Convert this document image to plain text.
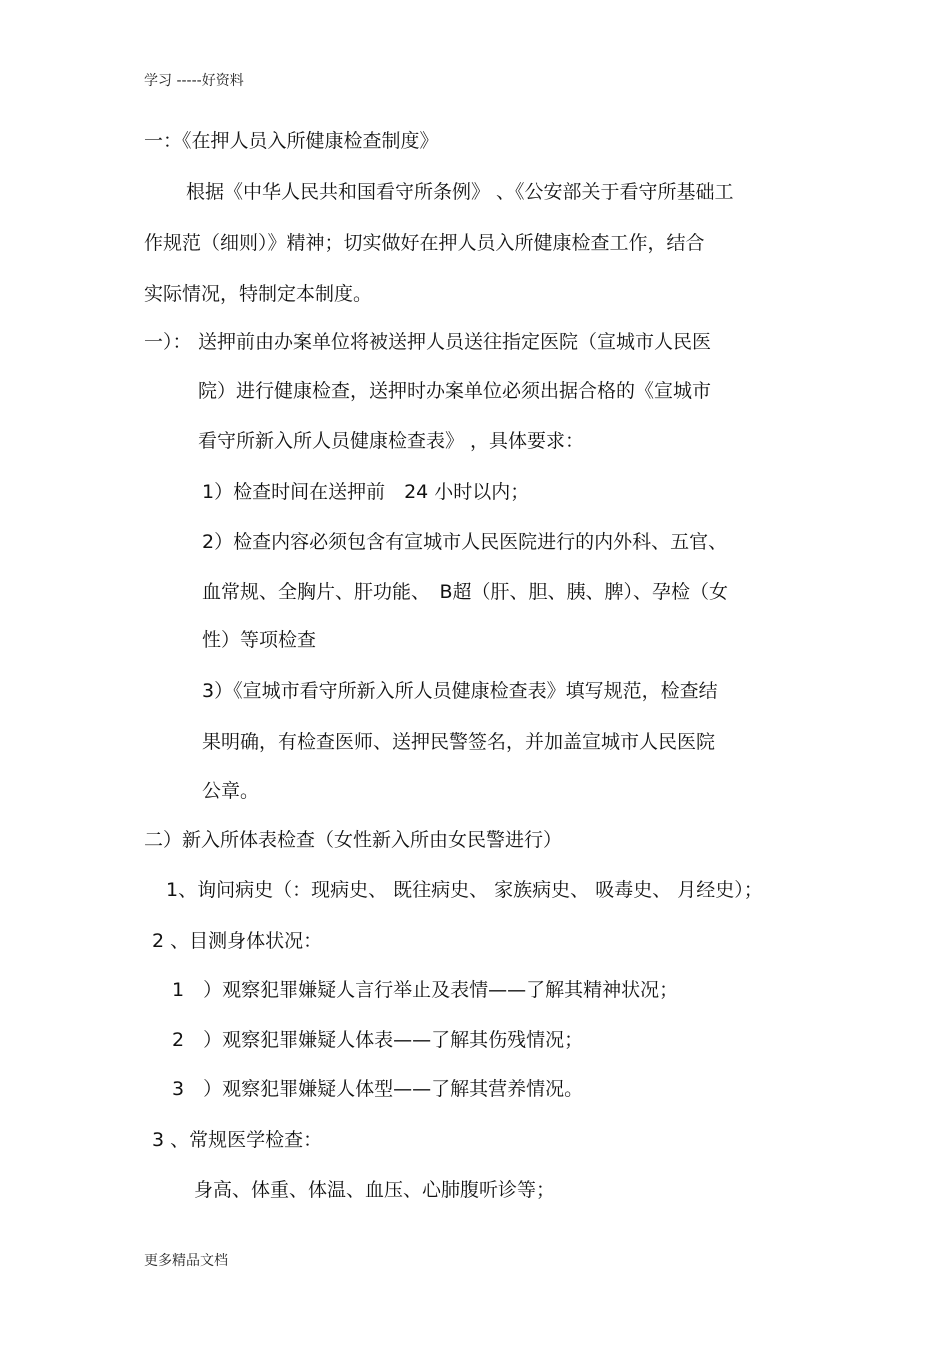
学习 -----好资料
一：《在押人员入所健康检查制度》
根据《中华人民共和国看守所条例》 、《公安部关于看守所基础工
作规范（细则）》精神；切实做好在押人员入所健康检查工作，结合
实际情况，特制定本制度。
一）： 送押前由办案单位将被送押人员送往指定医院（宣城市人民医
院）进行健康检查，送押时办案单位必须出据合格的《宣城市
看守所新入所人员健康检查表》 ，具体要求：
1）检查时间在送押前　24 小时以内；
2）检查内容必须包含有宣城市人民医院进行的内外科、五官、
血常规、全胸片、肝功能、　B超（肝、胆、胰、脾）、孕检（女
性）等项检查
3）《宣城市看守所新入所人员健康检查表》填写规范，检查结
果明确，有检查医师、送押民警签名，并加盖宣城市人民医院
公章。
二）新入所体表检查（女性新入所由女民警进行）
1、询问病史（：现病史、 既往病史、 家族病史、 吸毒史、 月经史）；
2 、目测身体状况：
1　）观察犯罪嫌疑人言行举止及表情——了解其精神状况；
2　）观察犯罪嫌疑人体表——了解其伤残情况；
3　）观察犯罪嫌疑人体型——了解其营养情况。
3 、常规医学检查：
身高、体重、体温、血压、心肺腹听诊等；
更多精品文档
